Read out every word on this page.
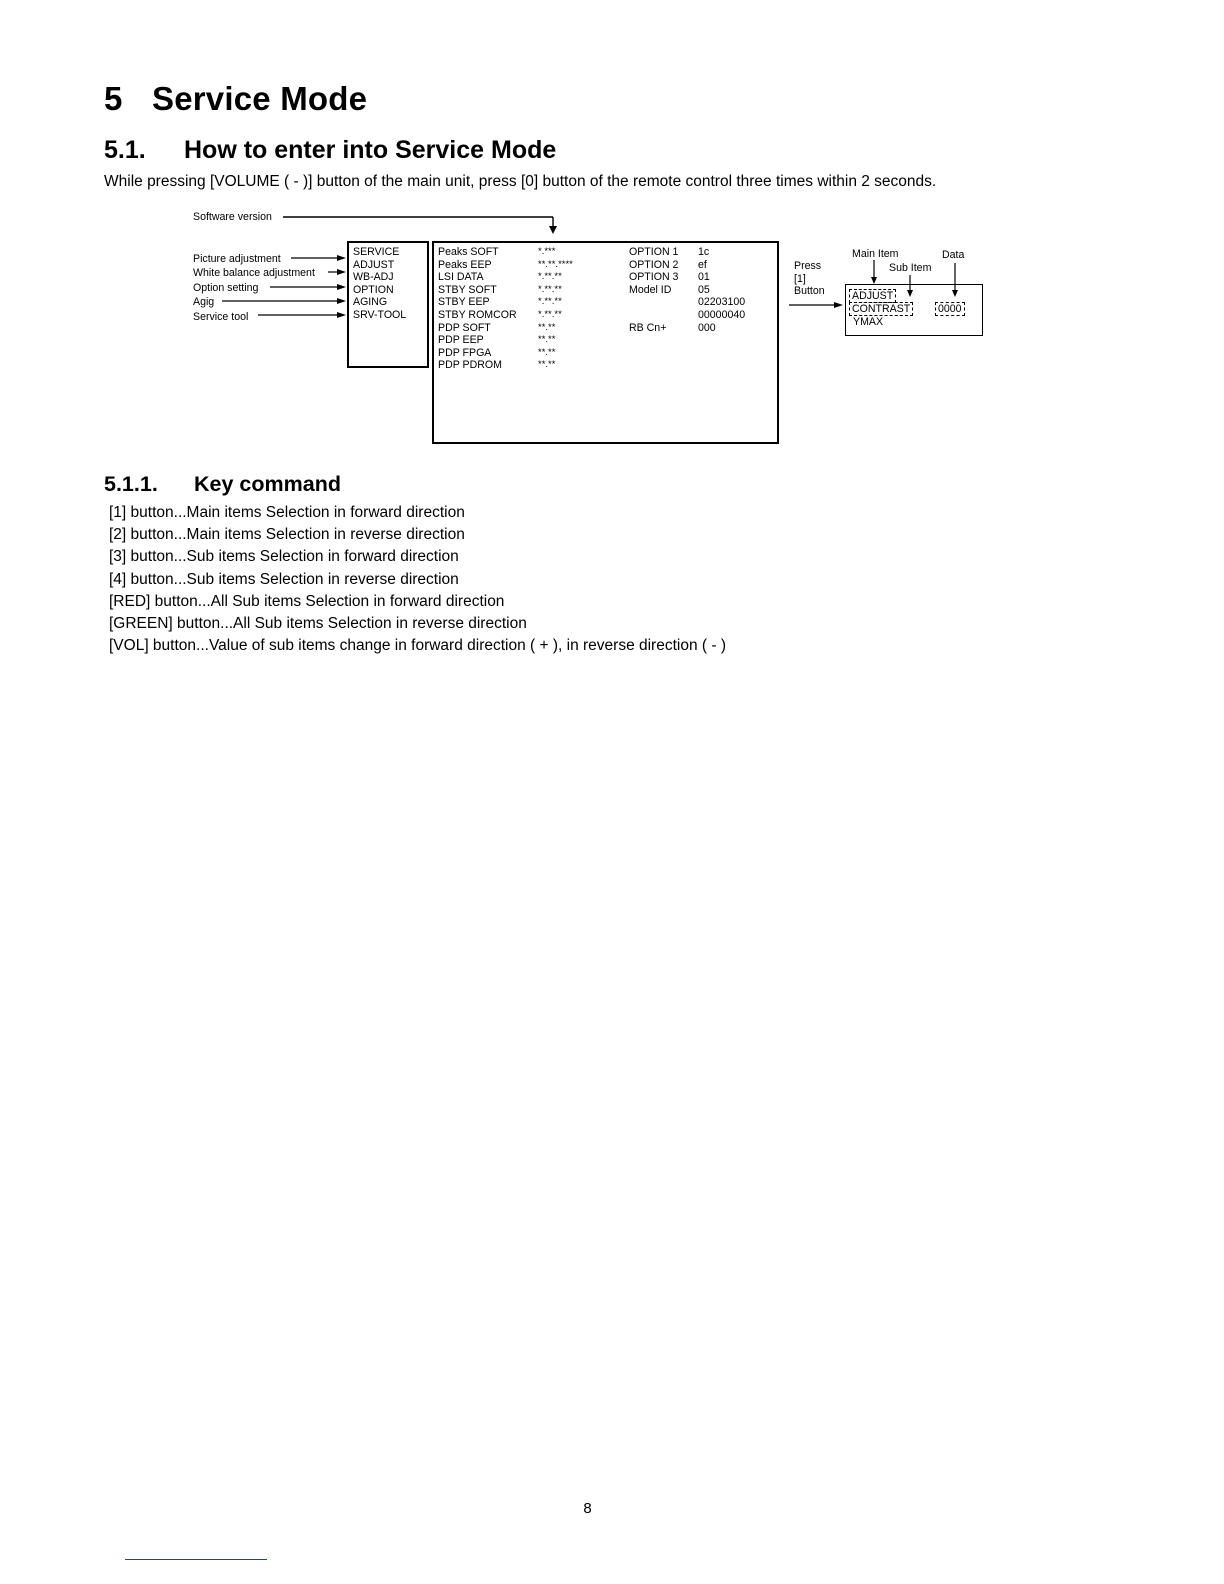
5 Service Mode
5.1. How to enter into Service Mode

While pressing [VOLUME ( - )] button of the main unit, press [0] button of the remote control three times within 2 seconds.

Software version
Picture adjustment
White balance adjustment
Option setting
Agig
Service tool
SERVICE
ADJUST
WB-ADJ
OPTION
AGING
SRV-TOOL
Peaks SOFT
Peaks EEP
LSI DATA
STBY SOFT
STBY EEP
STBY ROMCOR
PDP SOFT
PDP EEP
PDP FPGA
PDP PDROM
*.***
**.**.****
*.**.**
*.**.**
*.**.**
*.**.**
**.**
**.**
**.**
**.**
OPTION 1
OPTION 2
OPTION 3
Model ID
RB Cn+
1c
ef
01
05
02203100
00000040
000
Press
[1]
Button
Main Item
Sub Item
Data
ADJUST
CONTRAST	0000
YMAX
5.1.1. Key command
[1] button...Main items Selection in forward direction
[2] button...Main items Selection in reverse direction
[3] button...Sub items Selection in forward direction
[4] button...Sub items Selection in reverse direction
[RED] button...All Sub items Selection in forward direction
[GREEN] button...All Sub items Selection in reverse direction
[VOL] button...Value of sub items change in forward direction ( + ), in reverse direction ( - )
8
